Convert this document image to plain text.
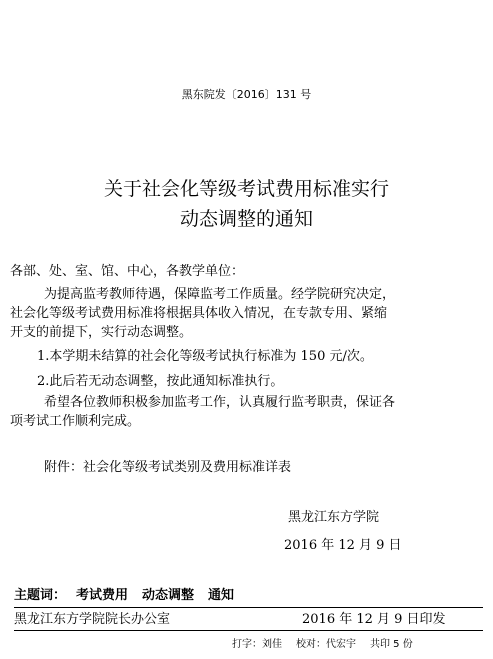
黑东院发〔2016〕131 号
关于社会化等级考试费用标准实行
动态调整的通知
各部、处、室、馆、中心，各教学单位：
为提高监考教师待遇，保障监考工作质量。经学院研究决定，
社会化等级考试费用标准将根据具体收入情况，在专款专用、紧缩
开支的前提下，实行动态调整。
1.本学期未结算的社会化等级考试执行标准为 150 元/次。
2.此后若无动态调整，按此通知标准执行。
希望各位教师积极参加监考工作，认真履行监考职责，保证各
项考试工作顺利完成。
附件：社会化等级考试类别及费用标准详表
黑龙江东方学院
2016 年 12 月 9 日
主题词： 考试费用 动态调整 通知
黑龙江东方学院院长办公室	2016 年 12 月 9 日印发
打字：刘佳 校对：代宏宇 共印 5 份
